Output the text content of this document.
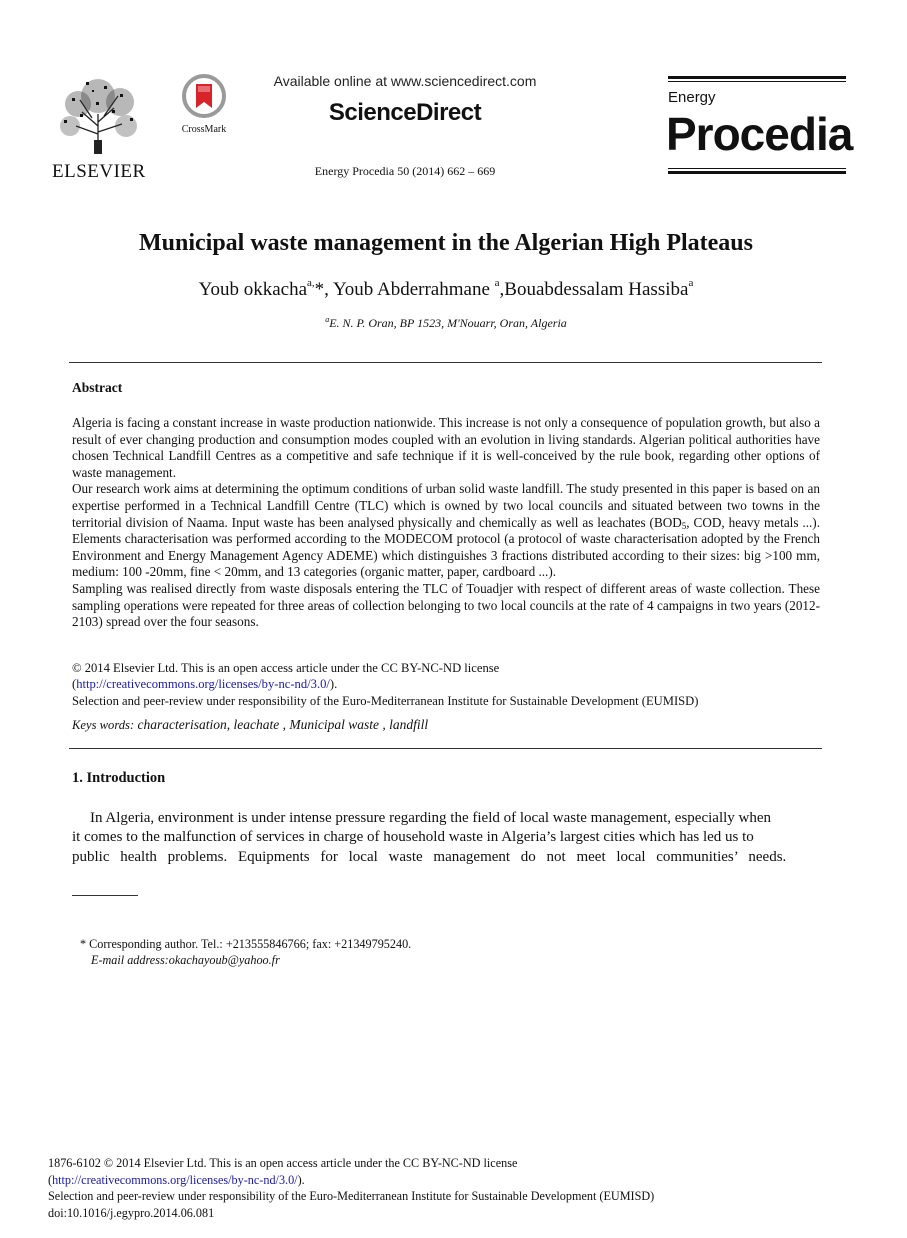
ELSEVIER
CrossMark
Available online at www.sciencedirect.com
ScienceDirect
Energy Procedia 50 (2014) 662 – 669
Energy
Procedia
Municipal waste management in the Algerian High Plateaus
Youb okkacha$^{a,}$*, Youb Abderrahmane $^a$,Bouabdessalam Hassiba$^a$
$^a$E. N. P. Oran, BP 1523, M'Nouarr, Oran, Algeria
Abstract

Algeria is facing a constant increase in waste production nationwide. This increase is not only a consequence of population growth, but also a result of ever changing production and consumption modes coupled with an evolution in living standards. Algerian political authorities have chosen Technical Landfill Centres as a competitive and safe technique if it is well-conceived by the rule book, regarding other options of waste management.

Our research work aims at determining the optimum conditions of urban solid waste landfill. The study presented in this paper is based on an expertise performed in a Technical Landfill Centre (TLC) which is owned by two local councils and situated between two towns in the territorial division of Naama. Input waste has been analysed physically and chemically as well as leachates ($BOD_5$, COD, heavy metals ...). Elements characterisation was performed according to the MODECOM protocol (a protocol of waste characterisation adopted by the French Environment and Energy Management Agency ADEME) which distinguishes 3 fractions distributed according to their sizes: big >100 mm, medium: 100 -20mm, fine < 20mm, and 13 categories (organic matter, paper, cardboard ...).

Sampling was realised directly from waste disposals entering the TLC of Touadjer with respect of different areas of waste collection. These sampling operations were repeated for three areas of collection belonging to two local councils at the rate of 4 campaigns in two years (2012-2103) spread over the four seasons.

© 2014 Elsevier Ltd. This is an open access article under the CC BY-NC-ND license
(http://creativecommons.org/licenses/by-nc-nd/3.0/).
Selection and peer-review under responsibility of the Euro-Mediterranean Institute for Sustainable Development (EUMISD)
Keys words: characterisation, leachate , Municipal waste , landfill
1. Introduction
In Algeria, environment is under intense pressure regarding the field of local waste management, especially when
it comes to the malfunction of services in charge of household waste in Algeria’s largest cities which has led us to
public health problems. Equipments for local waste management do not meet local communities’ needs.
* Corresponding author. Tel.: +213555846766; fax: +21349795240.
E-mail address:okachayoub@yahoo.fr
1876-6102 © 2014 Elsevier Ltd. This is an open access article under the CC BY-NC-ND license
(http://creativecommons.org/licenses/by-nc-nd/3.0/).
Selection and peer-review under responsibility of the Euro-Mediterranean Institute for Sustainable Development (EUMISD)
doi:10.1016/j.egypro.2014.06.081
